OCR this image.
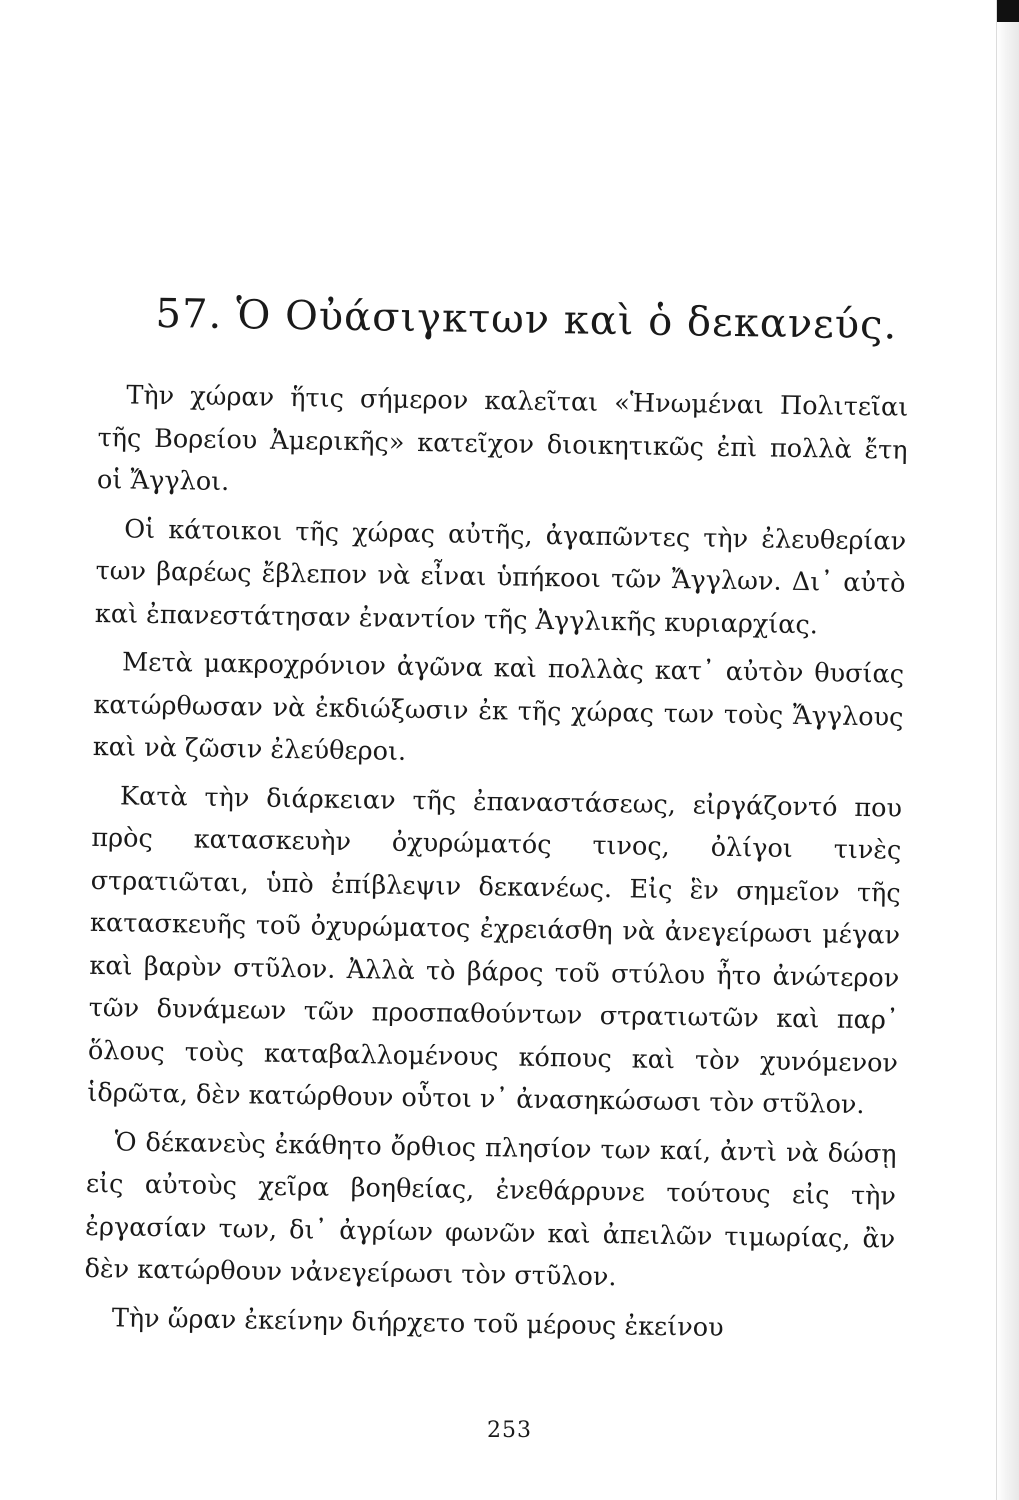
57. Ὁ Οὐάσιγκτων καὶ ὁ δεκανεύς.

Τὴν χώραν ἥτις σήμερον καλεῖται «Ἡνωμέναι Πολιτεῖαι τῆς Βορείου Ἀμερικῆς» κατεῖχον διοικητικῶς ἐπὶ πολλὰ ἔτη οἱ Ἄγγλοι.

Οἱ κάτοικοι τῆς χώρας αὐτῆς, ἀγαπῶντες τὴν ἐλευθερίαν των βαρέως ἔβλεπον νὰ εἶναι ὑπήκοοι τῶν Ἄγγλων. Δι᾽ αὐτὸ καὶ ἐπανεστάτησαν ἐναντίον τῆς Ἀγγλικῆς κυριαρχίας.

Μετὰ μακροχρόνιον ἀγῶνα καὶ πολλὰς κατ᾽ αὐτὸν θυσίας κατώρθωσαν νὰ ἐκδιώξωσιν ἐκ τῆς χώρας των τοὺς Ἄγγλους καὶ νὰ ζῶσιν ἐλεύθεροι.

Κατὰ τὴν διάρκειαν τῆς ἐπαναστάσεως, εἰργάζοντό που πρὸς κατασκευὴν ὀχυρώματός τινος, ὀλίγοι τινὲς στρατιῶται, ὑπὸ ἐπίβλεψιν δεκανέως. Εἰς ἓν σημεῖον τῆς κατασκευῆς τοῦ ὀχυρώματος ἐχρειάσθη νὰ ἀνεγείρωσι μέγαν καὶ βαρὺν στῦλον. Ἀλλὰ τὸ βάρος τοῦ στύλου ἦτο ἀνώτερον τῶν δυνάμεων τῶν προσπαθούντων στρατιωτῶν καὶ παρ᾽ ὅλους τοὺς καταβαλλομένους κόπους καὶ τὸν χυνόμενον ἱδρῶτα, δὲν κατώρθουν οὗτοι ν᾽ ἀνασηκώσωσι τὸν στῦλον.

Ὁ δέκανεὺς ἐκάθητο ὄρθιος πλησίον των καί, ἀντὶ νὰ δώσῃ εἰς αὐτοὺς χεῖρα βοηθείας, ἐνεθάρρυνε τούτους εἰς τὴν ἐργασίαν των, δι᾽ ἀγρίων φωνῶν καὶ ἀπειλῶν τιμωρίας, ἂν δὲν κατώρθουν νἀνεγείρωσι τὸν στῦλον.

Τὴν ὥραν ἐκείνην διήρχετο τοῦ μέρους ἐκείνου

253
